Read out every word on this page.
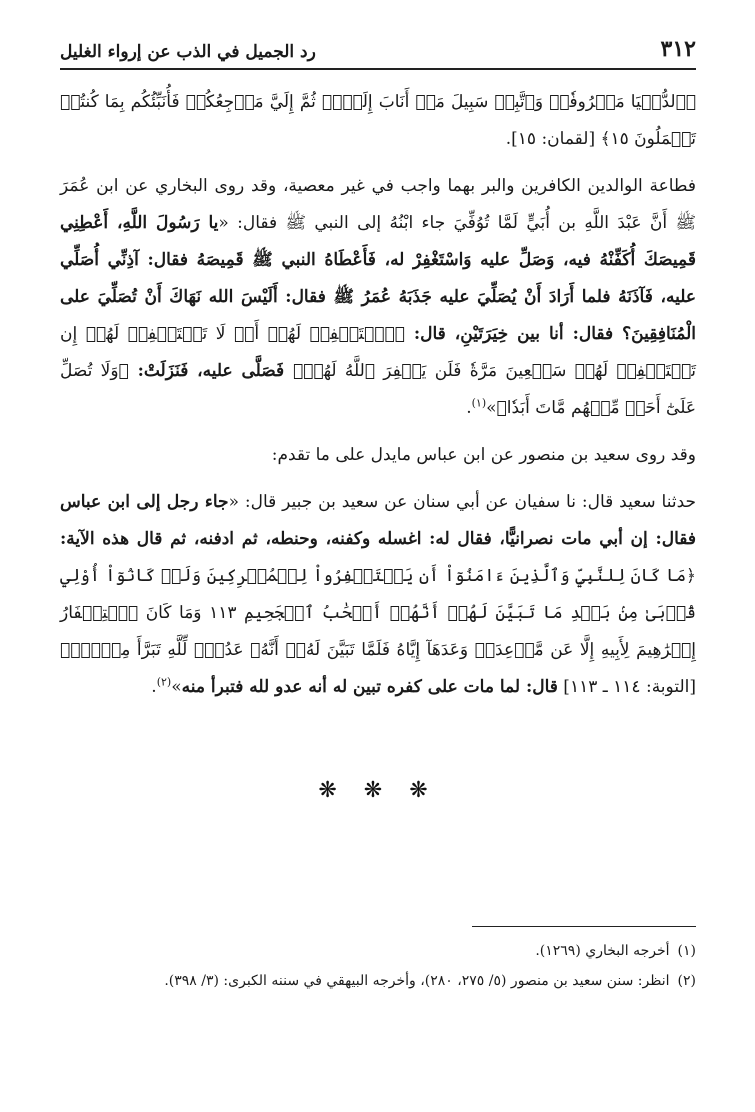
٣١٢
رد الجميل في الذب عن إرواء الغليل

﴿ٱلدُّنۡيَا مَعۡرُوفٗاۖ وَٱتَّبِعۡ سَبِيلَ مَنۡ أَنَابَ إِلَيَّۚ ثُمَّ إِلَيَّ مَرۡجِعُكُمۡ فَأُنَبِّئُكُم بِمَا كُنتُمۡ تَعۡمَلُونَ ١٥﴾ [لقمان: ١٥].

فطاعة الوالدين الكافرين والبر بهما واجب في غير معصية، وقد روى البخاري عن ابن عُمَرَ ﷺ أَنَّ عَبْدَ اللَّهِ بن أُبَيٍّ لَمَّا تُوُفِّيَ جاء ابْنُهُ إلى النبي ﷺ فقال: «يا رَسُولَ اللَّهِ، أَعْطِنِي قَمِيصَكَ أُكَفِّنْهُ فيه، وَصَلِّ عليه وَاسْتَغْفِرْ له، فَأَعْطَاهُ النبي ﷺ قَمِيصَهُ فقال: آذِنِّي أُصَلِّي عليه، فَآذَنَهُ فلما أَرَادَ أَنْ يُصَلِّيَ عليه جَذَبَهُ عُمَرُ ﷺ فقال: أَلَيْسَ الله نَهَاكَ أَنْ تُصَلِّيَ على الْمُنَافِقِينَ؟ فقال: أنا بين خِيَرَتَيْنِ، قال: ﴿ٱسۡتَغۡفِرۡ لَهُمۡ أَوۡ لَا تَسۡتَغۡفِرۡ لَهُمۡ إِن تَسۡتَغۡفِرۡ لَهُمۡ سَبۡعِينَ مَرَّةٗ فَلَن يَغۡفِرَ ٱللَّهُ لَهُمۡ﴾ فَصَلَّى عليه، فَنَزَلَتْ: ﴿وَلَا تُصَلِّ عَلَىٰٓ أَحَدٖ مِّنۡهُم مَّاتَ أَبَدٗا﴾»$^{(١)}$.

وقد روى سعيد بن منصور عن ابن عباس مايدل على ما تقدم:

حدثنا سعيد قال: نا سفيان عن أبي سنان عن سعيد بن جبير قال: «جاء رجل إلى ابن عباس فقال: إن أبي مات نصرانيًّا، فقال له: اغسله وكفنه، وحنطه، ثم ادفنه، ثم قال هذه الآية: ﴿مَا كَانَ لِلنَّبِيِّ وَٱلَّذِينَ ءَامَنُوٓاْ أَن يَسۡتَغۡفِرُواْ لِلۡمُشۡرِكِينَ وَلَوۡ كَانُوٓاْ أُوْلِي قُرۡبَىٰ مِنۢ بَعۡدِ مَا تَبَيَّنَ لَهُمۡ أَنَّهُمۡ أَصۡحَٰبُ ٱلۡجَحِيمِ ١١٣ وَمَا كَانَ ٱسۡتِغۡفَارُ إِبۡرَٰهِيمَ لِأَبِيهِ إِلَّا عَن مَّوۡعِدَةٖ وَعَدَهَآ إِيَّاهُ فَلَمَّا تَبَيَّنَ لَهُۥٓ أَنَّهُۥ عَدُوّٞ لِّلَّهِ تَبَرَّأَ مِنۡهُۚ﴾ [التوبة: ١١٤ ـ ١١٣] قال: لما مات على كفره تبين له أنه عدو لله فتبرأ منه»$^{(٢)}$.

❋ ❋ ❋

(١)أخرجه البخاري (١٢٦٩).

(٢)انظر: سنن سعيد بن منصور (٥/ ٢٧٥، ٢٨٠)، وأخرجه البيهقي في سننه الكبرى: (٣/ ٣٩٨).
